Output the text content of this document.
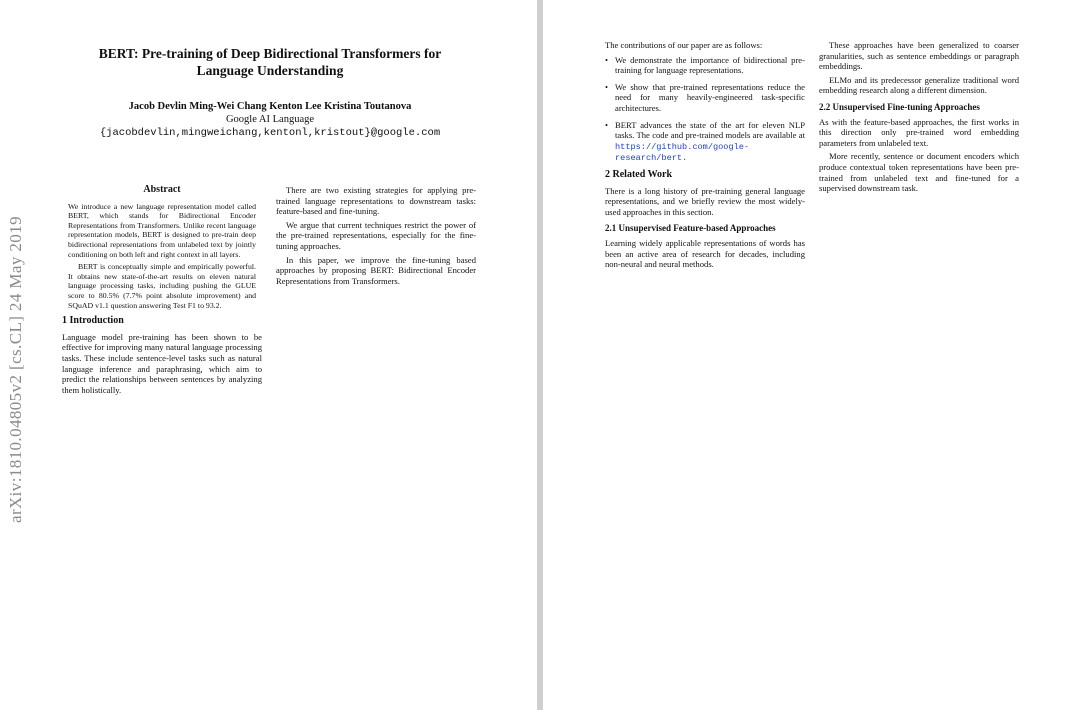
arXiv:1810.04805v2 [cs.CL] 24 May 2019
BERT: Pre-training of Deep Bidirectional Transformers for Language Understanding
Jacob Devlin Ming-Wei Chang Kenton Lee Kristina Toutanova
Google AI Language
{jacobdevlin,mingweichang,kentonl,kristout}@google.com
Abstract

We introduce a new language representation model called BERT, which stands for Bidirectional Encoder Representations from Transformers. Unlike recent language representation models, BERT is designed to pre-train deep bidirectional representations from unlabeled text by jointly conditioning on both left and right context in all layers.

BERT is conceptually simple and empirically powerful. It obtains new state-of-the-art results on eleven natural language processing tasks, including pushing the GLUE score to 80.5% (7.7% point absolute improvement) and SQuAD v1.1 question answering Test F1 to 93.2.

1 Introduction

Language model pre-training has been shown to be effective for improving many natural language processing tasks. These include sentence-level tasks such as natural language inference and paraphrasing, which aim to predict the relationships between sentences by analyzing them holistically.

There are two existing strategies for applying pre-trained language representations to downstream tasks: feature-based and fine-tuning.

We argue that current techniques restrict the power of the pre-trained representations, especially for the fine-tuning approaches.

In this paper, we improve the fine-tuning based approaches by proposing BERT: Bidirectional Encoder Representations from Transformers.

The contributions of our paper are as follows:

• We demonstrate the importance of bidirectional pre-training for language representations.
• We show that pre-trained representations reduce the need for many heavily-engineered task-specific architectures.
• BERT advances the state of the art for eleven NLP tasks. The code and pre-trained models are available at https://github.com/google-research/bert.
2 Related Work

There is a long history of pre-training general language representations, and we briefly review the most widely-used approaches in this section.

2.1 Unsupervised Feature-based Approaches

Learning widely applicable representations of words has been an active area of research for decades, including non-neural and neural methods.

These approaches have been generalized to coarser granularities, such as sentence embeddings or paragraph embeddings.

ELMo and its predecessor generalize traditional word embedding research along a different dimension.

2.2 Unsupervised Fine-tuning Approaches

As with the feature-based approaches, the first works in this direction only pre-trained word embedding parameters from unlabeled text.

More recently, sentence or document encoders which produce contextual token representations have been pre-trained from unlabeled text and fine-tuned for a supervised downstream task.
